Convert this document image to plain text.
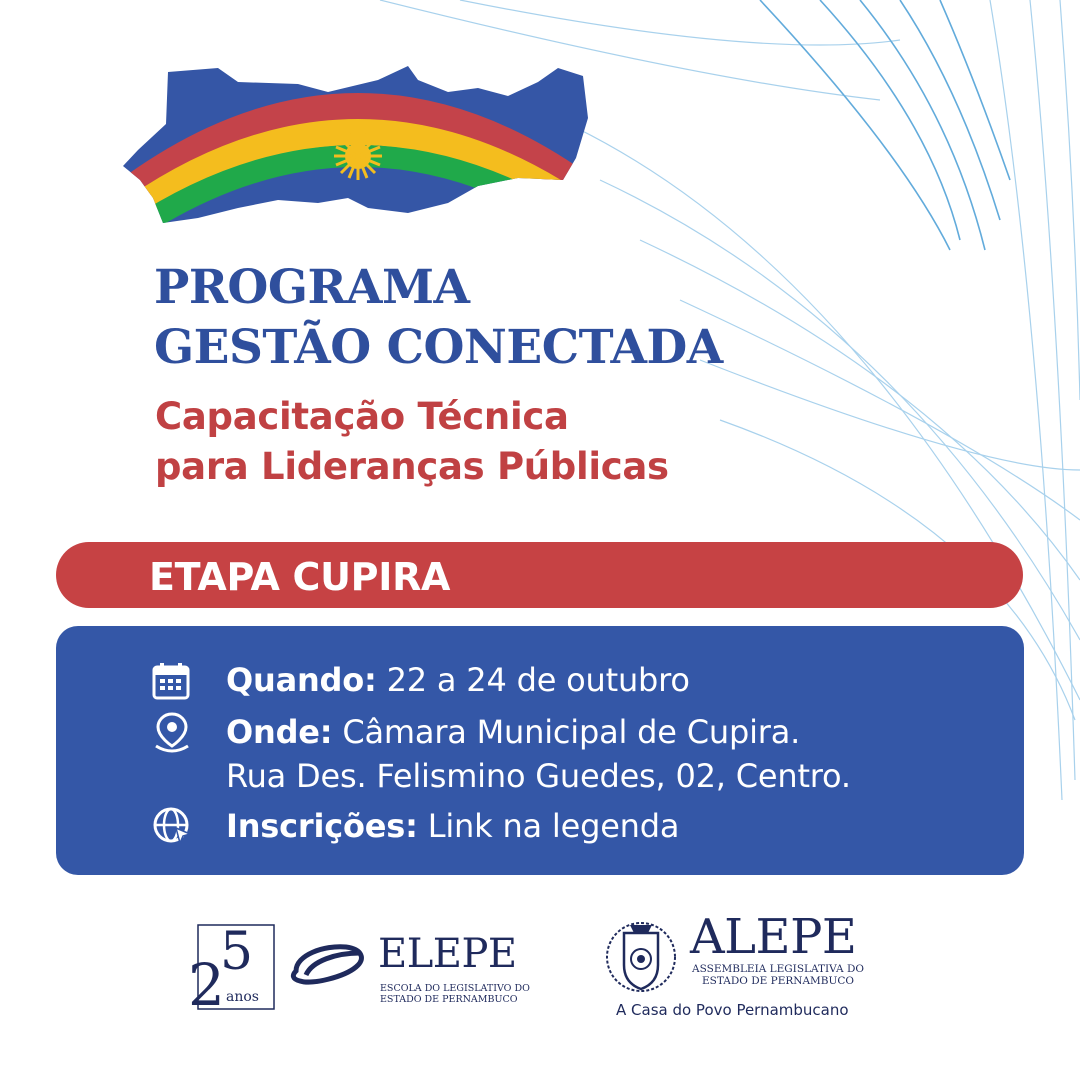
PROGRAMA
GESTÃO CONECTADA
Capacitação Técnica
para Lideranças Públicas
ETAPA CUPIRA
Quando: 22 a 24 de outubro
Onde: Câmara Municipal de Cupira.
Rua Des. Felismino Guedes, 02, Centro.
Inscrições: Link na legenda
2
5
anos
ELEPE
ESCOLA DO LEGISLATIVO DO
ESTADO DE PERNAMBUCO
ALEPE
ASSEMBLEIA LEGISLATIVA DO
ESTADO DE PERNAMBUCO
A Casa do Povo Pernambucano
